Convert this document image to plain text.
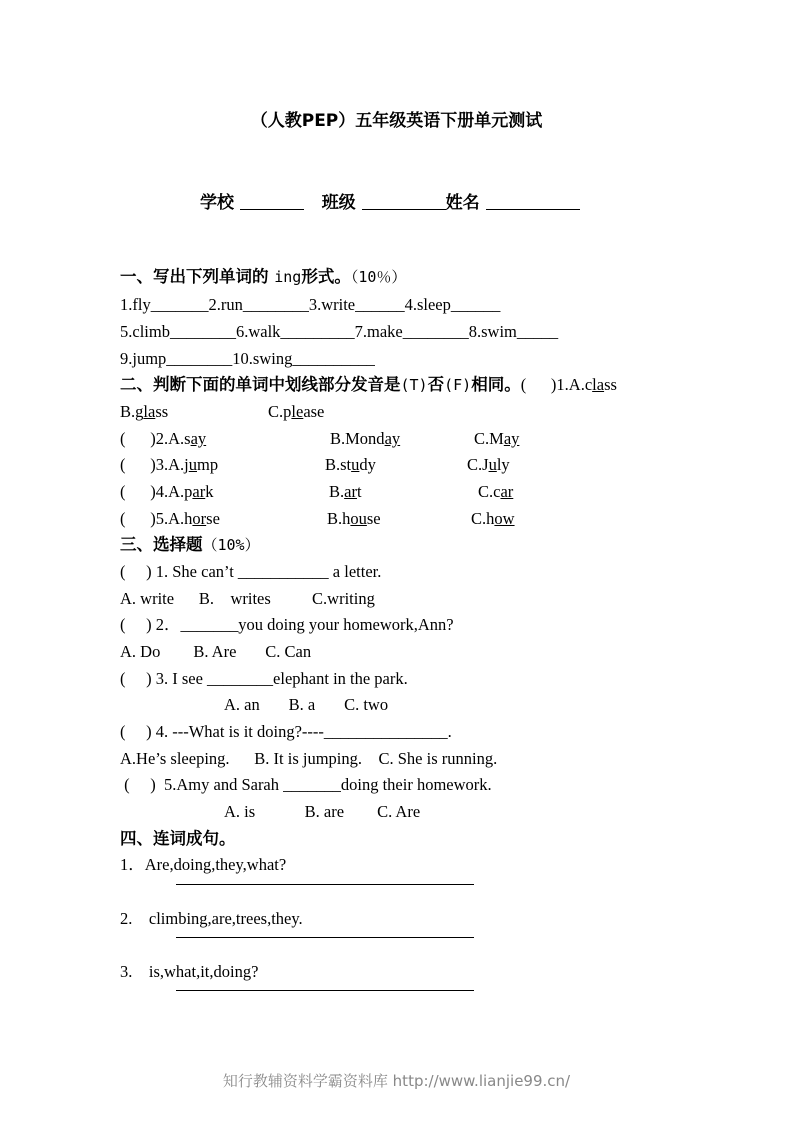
（人教PEP）五年级英语下册单元测试
学校	班级	姓名
一、写出下列单词的 ing形式。（10％）
1.fly_______2.run________3.write______4.sleep______
5.climb________6.walk_________7.make________8.swim_____
9.jump________10.swing__________
二、判断下面的单词中划线部分发音是(T)否(F)相同。(      )1.A.class
B.glass	C.please
(      )2.A.say	B.Monday	C.May
(      )3.A.jump	B.study	C.July
(      )4.A.park	B.art	C.car
(      )5.A.horse	B.house	C.how
三、选择题（10%）
(     ) 1. She can’t ___________ a letter.
A. write      B.    writes          C.writing
(     ) 2．_______you doing your homework,Ann?
A. Do        B. Are       C. Can
(     ) 3. I see ________elephant in the park.
A. an       B. a       C. two
(     ) 4. ---What is it doing?----_______________.
A.He’s sleeping.      B. It is jumping.    C. She is running.
(     )  5.Amy and Sarah _______doing their homework.
A. is            B. are        C. Are
四、连词成句。
1．Are,doing,they,what?
2.    climbing,are,trees,they.
3.    is,what,it,doing?
知行教辅资料学霸资料库 http://www.lianjie99.cn/
